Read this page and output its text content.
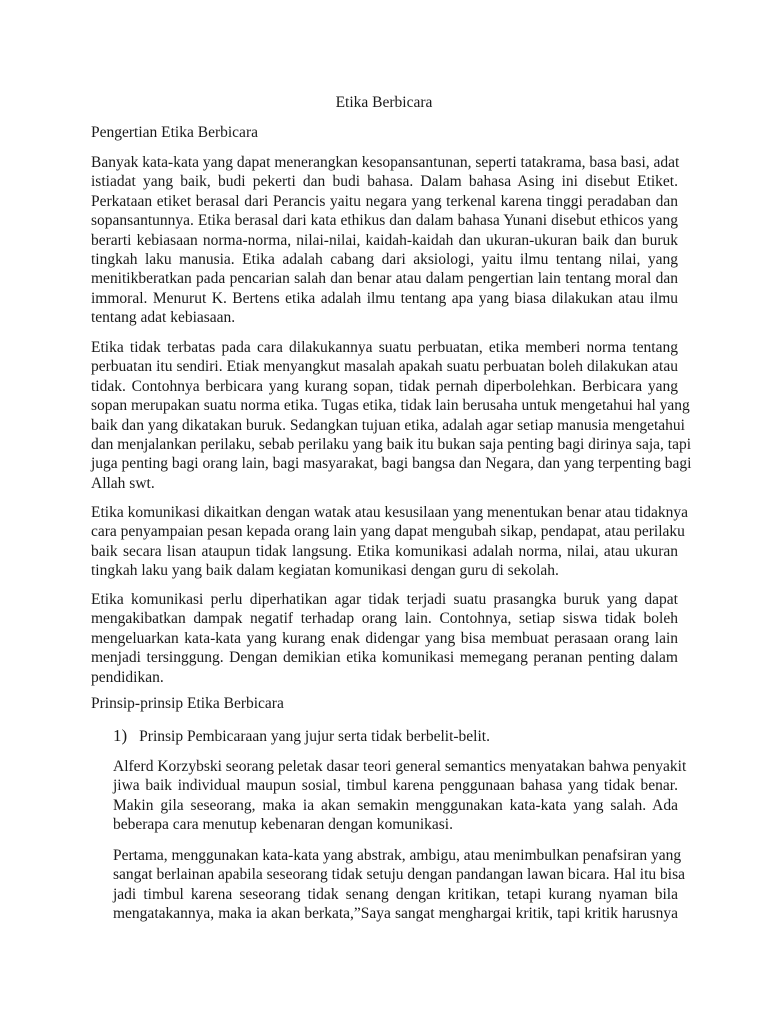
Etika Berbicara
Pengertian Etika Berbicara

Banyak kata-kata yang dapat menerangkan kesopansantunan, seperti tatakrama, basa basi, adat
istiadat yang baik, budi pekerti dan budi bahasa. Dalam bahasa Asing ini disebut Etiket.
Perkataan etiket berasal dari Perancis yaitu negara yang terkenal karena tinggi peradaban dan
sopansantunnya. Etika berasal dari kata ethikus dan dalam bahasa Yunani disebut ethicos yang
berarti kebiasaan norma-norma, nilai-nilai, kaidah-kaidah dan ukuran-ukuran baik dan buruk
tingkah laku manusia. Etika adalah cabang dari aksiologi, yaitu ilmu tentang nilai, yang
menitikberatkan pada pencarian salah dan benar atau dalam pengertian lain tentang moral dan
immoral. Menurut K. Bertens etika adalah ilmu tentang apa yang biasa dilakukan atau ilmu
tentang adat kebiasaan.

Etika tidak terbatas pada cara dilakukannya suatu perbuatan, etika memberi norma tentang
perbuatan itu sendiri. Etiak menyangkut masalah apakah suatu perbuatan boleh dilakukan atau
tidak. Contohnya berbicara yang kurang sopan, tidak pernah diperbolehkan. Berbicara yang
sopan merupakan suatu norma etika. Tugas etika, tidak lain berusaha untuk mengetahui hal yang
baik dan yang dikatakan buruk. Sedangkan tujuan etika, adalah agar setiap manusia mengetahui
dan menjalankan perilaku, sebab perilaku yang baik itu bukan saja penting bagi dirinya saja, tapi
juga penting bagi orang lain, bagi masyarakat, bagi bangsa dan Negara, dan yang terpenting bagi
Allah swt.

Etika komunikasi dikaitkan dengan watak atau kesusilaan yang menentukan benar atau tidaknya
cara penyampaian pesan kepada orang lain yang dapat mengubah sikap, pendapat, atau perilaku
baik secara lisan ataupun tidak langsung. Etika komunikasi adalah norma, nilai, atau ukuran
tingkah laku yang baik dalam kegiatan komunikasi dengan guru di sekolah.

Etika komunikasi perlu diperhatikan agar tidak terjadi suatu prasangka buruk yang dapat
mengakibatkan dampak negatif terhadap orang lain. Contohnya, setiap siswa tidak boleh
mengeluarkan kata-kata yang kurang enak didengar yang bisa membuat perasaan orang lain
menjadi tersinggung. Dengan demikian etika komunikasi memegang peranan penting dalam
pendidikan.

Prinsip-prinsip Etika Berbicara
1) Prinsip Pembicaraan yang jujur serta tidak berbelit-belit.

Alferd Korzybski seorang peletak dasar teori general semantics menyatakan bahwa penyakit
jiwa baik individual maupun sosial, timbul karena penggunaan bahasa yang tidak benar.
Makin gila seseorang, maka ia akan semakin menggunakan kata-kata yang salah. Ada
beberapa cara menutup kebenaran dengan komunikasi.

Pertama, menggunakan kata-kata yang abstrak, ambigu, atau menimbulkan penafsiran yang
sangat berlainan apabila seseorang tidak setuju dengan pandangan lawan bicara. Hal itu bisa
jadi timbul karena seseorang tidak senang dengan kritikan, tetapi kurang nyaman bila
mengatakannya, maka ia akan berkata,”Saya sangat menghargai kritik, tapi kritik harusnya
